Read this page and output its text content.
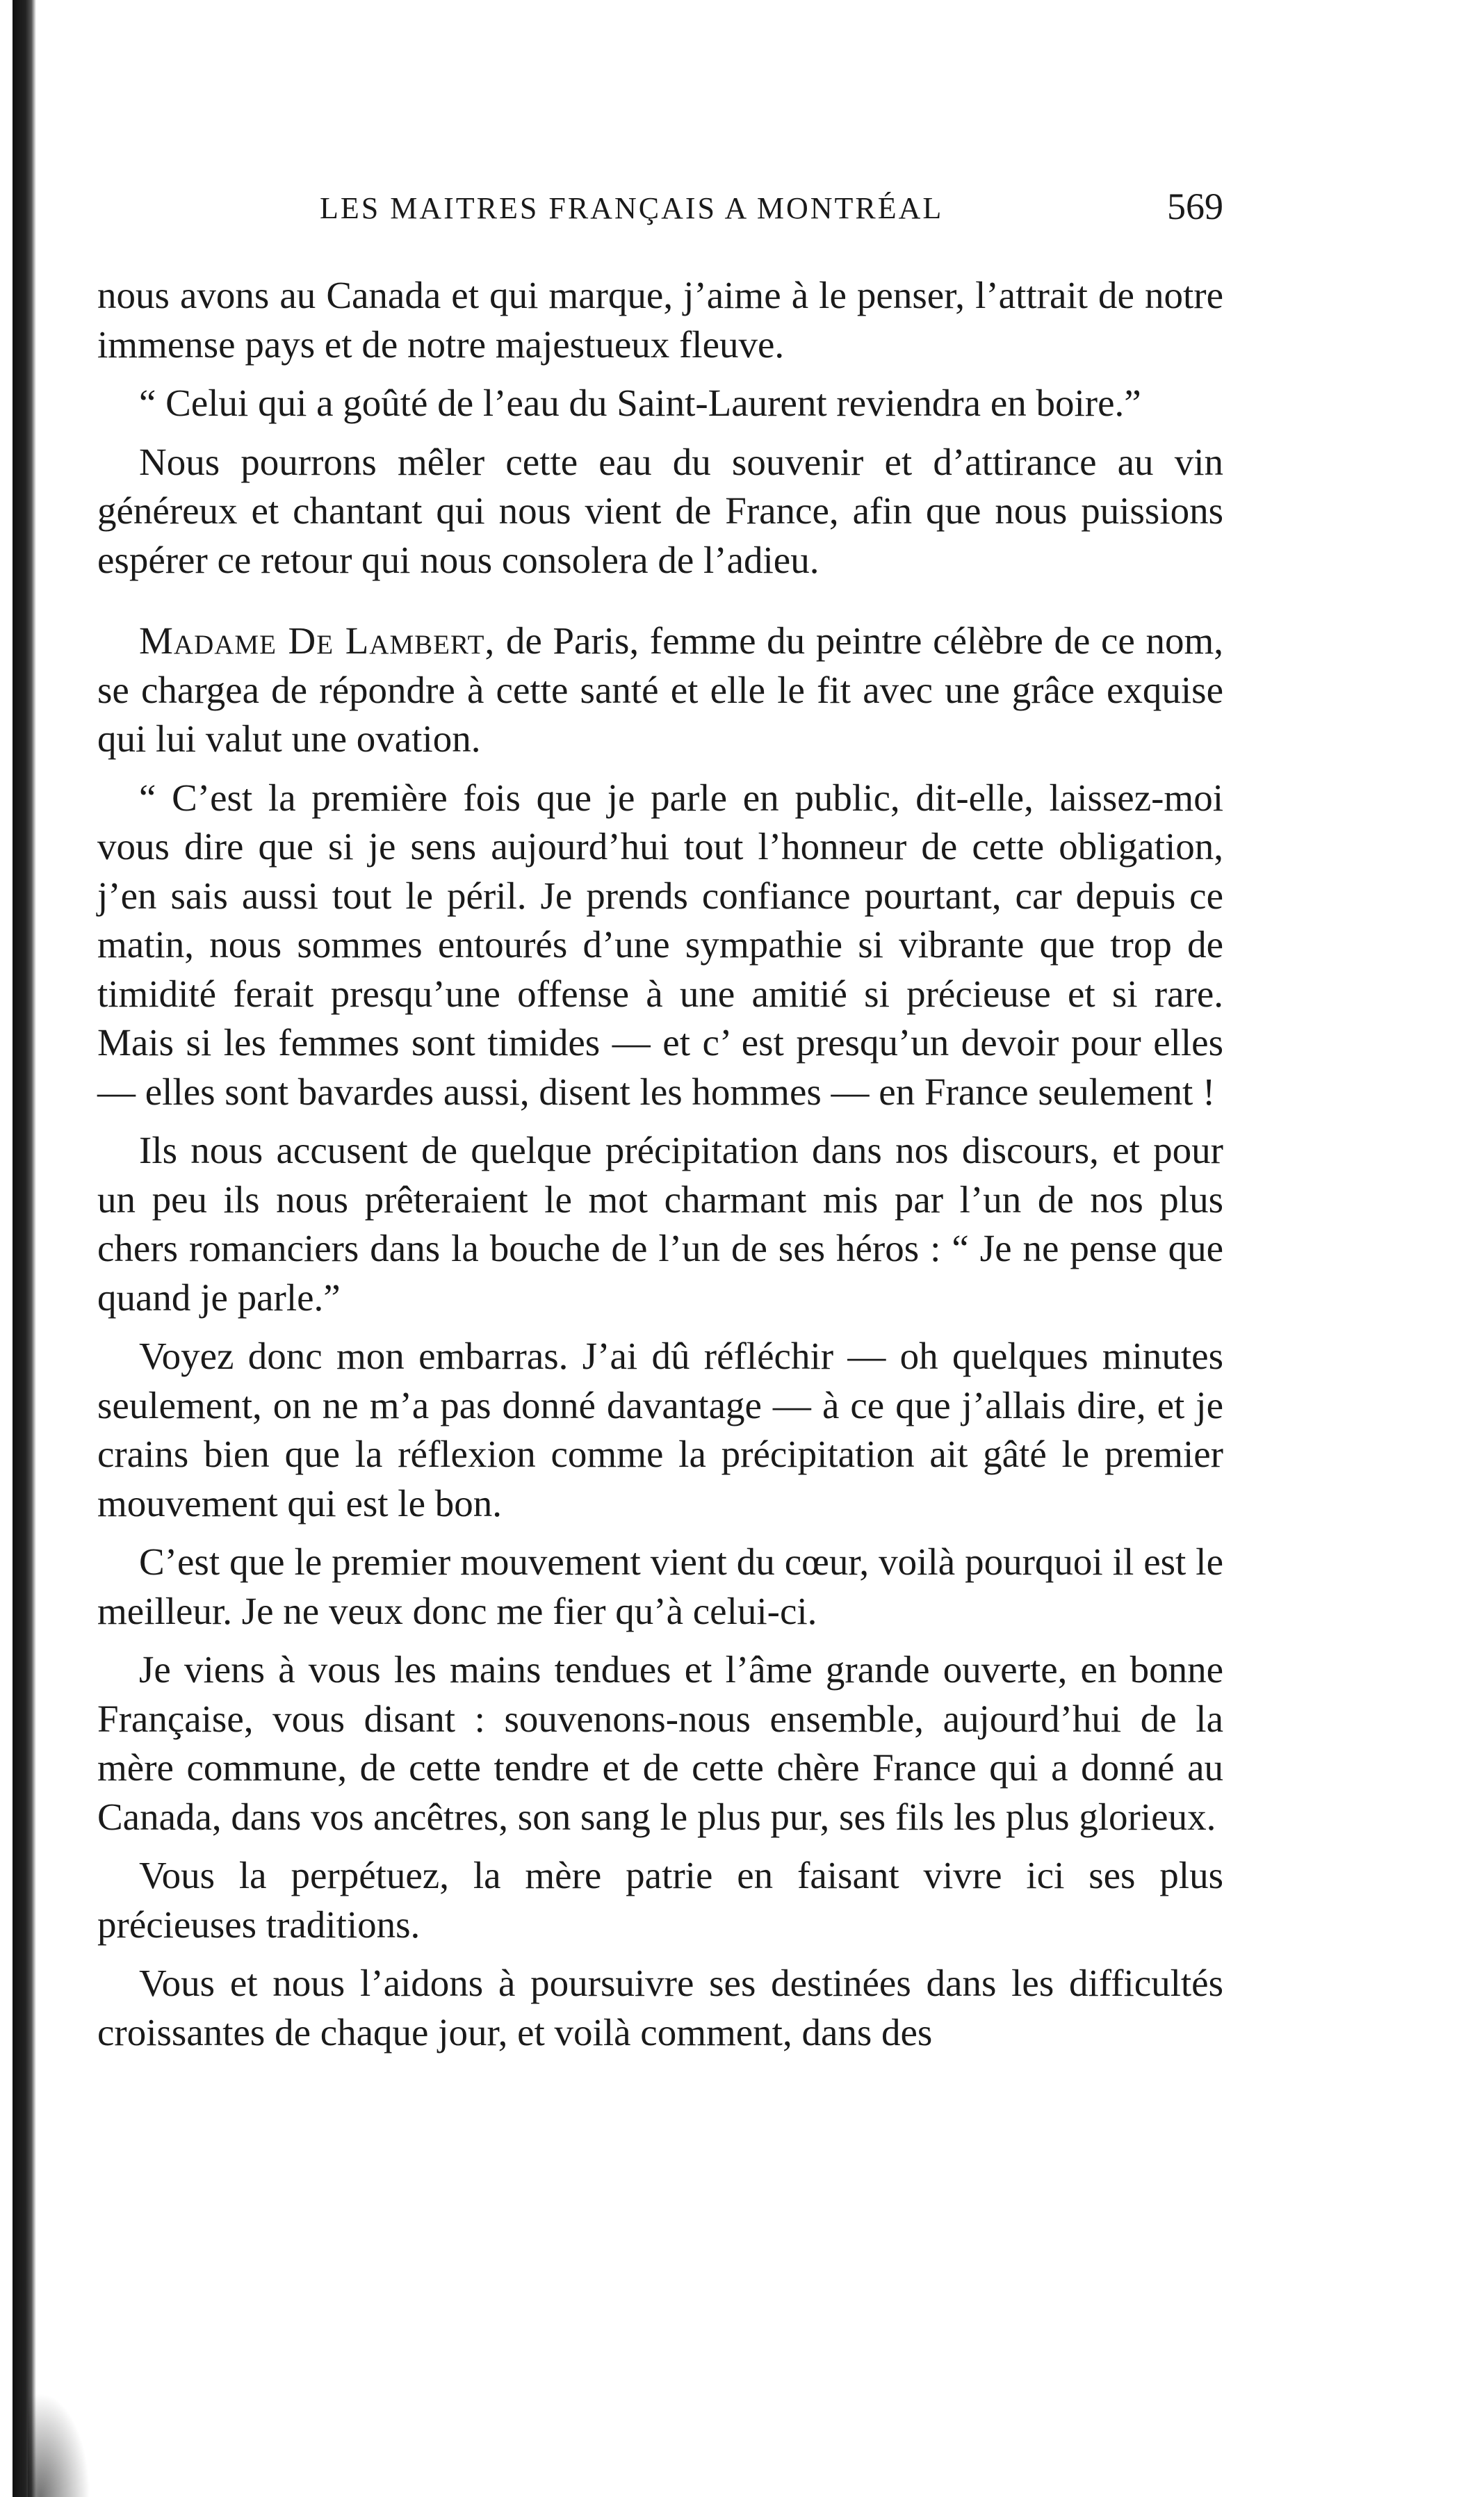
LES MAITRES FRANÇAIS A MONTRÉAL	569

nous avons au Canada et qui marque, j’aime à le penser, l’attrait de notre immense pays et de notre majestueux fleuve.

“ Celui qui a goûté de l’eau du Saint-Laurent reviendra en boire.”

Nous pourrons mêler cette eau du souvenir et d’attirance au vin généreux et chantant qui nous vient de France, afin que nous puissions espérer ce retour qui nous consolera de l’adieu.

Madame De Lambert, de Paris, femme du peintre célèbre de ce nom, se chargea de répondre à cette santé et elle le fit avec une grâce exquise qui lui valut une ovation.

“ C’est la première fois que je parle en public, dit-elle, laissez-moi vous dire que si je sens aujourd’hui tout l’honneur de cette obligation, j’en sais aussi tout le péril. Je prends confiance pourtant, car depuis ce matin, nous sommes entourés d’une sympathie si vibrante que trop de timidité ferait presqu’une offense à une amitié si précieuse et si rare. Mais si les femmes sont timides — et c’ est presqu’un devoir pour elles — elles sont bavardes aussi, disent les hommes — en France seulement !

Ils nous accusent de quelque précipitation dans nos discours, et pour un peu ils nous prêteraient le mot charmant mis par l’un de nos plus chers romanciers dans la bouche de l’un de ses héros : “ Je ne pense que quand je parle.”

Voyez donc mon embarras. J’ai dû réfléchir — oh quelques minutes seulement, on ne m’a pas donné davantage — à ce que j’allais dire, et je crains bien que la réflexion comme la précipitation ait gâté le premier mouvement qui est le bon.

C’est que le premier mouvement vient du cœur, voilà pourquoi il est le meilleur. Je ne veux donc me fier qu’à celui-ci.

Je viens à vous les mains tendues et l’âme grande ouverte, en bonne Française, vous disant : souvenons-nous ensemble, aujourd’hui de la mère commune, de cette tendre et de cette chère France qui a donné au Canada, dans vos ancêtres, son sang le plus pur, ses fils les plus glorieux.

Vous la perpétuez, la mère patrie en faisant vivre ici ses plus précieuses traditions.

Vous et nous l’aidons à poursuivre ses destinées dans les difficultés croissantes de chaque jour, et voilà comment, dans des
